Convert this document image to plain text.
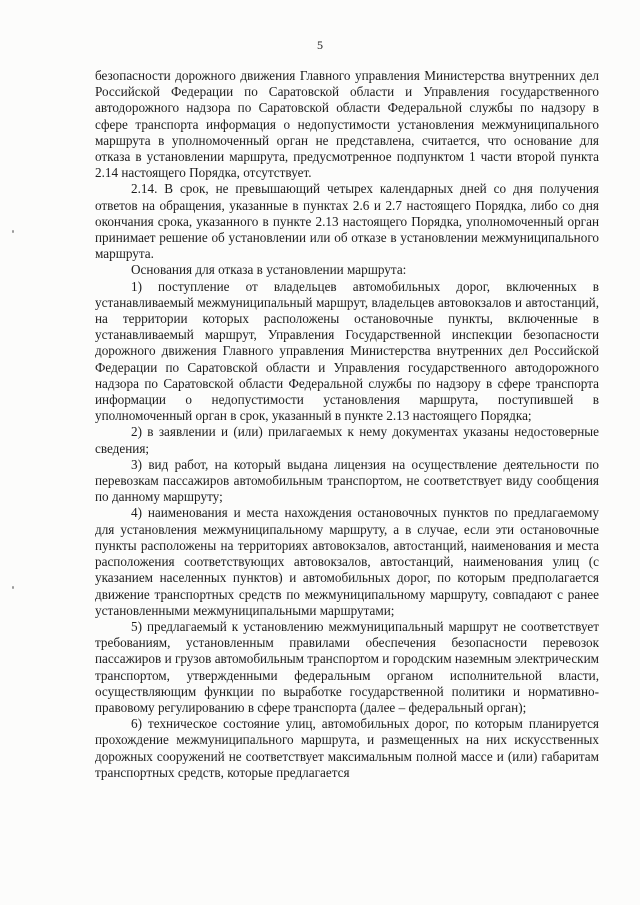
5

безопасности дорожного движения Главного управления Министерства внутренних дел Российской Федерации по Саратовской области и Управления государственного автодорожного надзора по Саратовской области Федеральной службы по надзору в сфере транспорта информация о недопустимости установления межмуниципального маршрута в уполномоченный орган не представлена, считается, что основание для отказа в установлении маршрута, предусмотренное подпунктом 1 части второй пункта 2.14 настоящего Порядка, отсутствует.

2.14. В срок, не превышающий четырех календарных дней со дня получения ответов на обращения, указанные в пунктах 2.6 и 2.7 настоящего Порядка, либо со дня окончания срока, указанного в пункте 2.13 настоящего Порядка, уполномоченный орган принимает решение об установлении или об отказе в установлении межмуниципального маршрута.

Основания для отказа в установлении маршрута:

1) поступление от владельцев автомобильных дорог, включенных в устанавливаемый межмуниципальный маршрут, владельцев автовокзалов и автостанций, на территории которых расположены остановочные пункты, включенные в устанавливаемый маршрут, Управления Государственной инспекции безопасности дорожного движения Главного управления Министерства внутренних дел Российской Федерации по Саратовской области и Управления государственного автодорожного надзора по Саратовской области Федеральной службы по надзору в сфере транспорта информации о недопустимости установления маршрута, поступившей в уполномоченный орган в срок, указанный в пункте 2.13 настоящего Порядка;

2) в заявлении и (или) прилагаемых к нему документах указаны недостоверные сведения;

3) вид работ, на который выдана лицензия на осуществление деятельности по перевозкам пассажиров автомобильным транспортом, не соответствует виду сообщения по данному маршруту;

4) наименования и места нахождения остановочных пунктов по предлагаемому для установления межмуниципальному маршруту, а в случае, если эти остановочные пункты расположены на территориях автовокзалов, автостанций, наименования и места расположения соответствующих автовокзалов, автостанций, наименования улиц (с указанием населенных пунктов) и автомобильных дорог, по которым предполагается движение транспортных средств по межмуниципальному маршруту, совпадают с ранее установленными межмуниципальными маршрутами;

5) предлагаемый к установлению межмуниципальный маршрут не соответствует требованиям, установленным правилами обеспечения безопасности перевозок пассажиров и грузов автомобильным транспортом и городским наземным электрическим транспортом, утвержденными федеральным органом исполнительной власти, осуществляющим функции по выработке государственной политики и нормативно-правовому регулированию в сфере транспорта (далее – федеральный орган);

6) техническое состояние улиц, автомобильных дорог, по которым планируется прохождение межмуниципального маршрута, и размещенных на них искусственных дорожных сооружений не соответствует максимальным полной массе и (или) габаритам транспортных средств, которые предлагается
